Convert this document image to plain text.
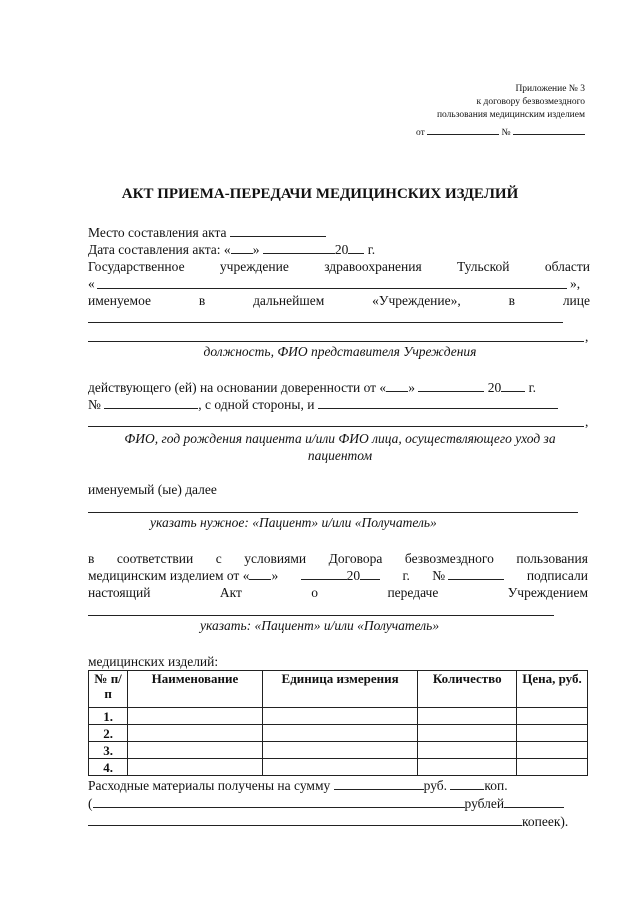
Приложение № 3
к договору безвозмездного
пользования медицинским изделием
от	№
АКТ ПРИЕМА-ПЕРЕДАЧИ МЕДИЦИНСКИХ ИЗДЕЛИЙ
Место составления акта
Дата составления акта: « »	20 г.
Государственное	учреждение	здравоохранения	Тульской	области
«	»,
именуемое	в	дальнейшем	«Учреждение»,	в	лице
,
должность, ФИО представителя Учреждения
действующего (ей) на основании доверенности от « »	20 г.
№	, с одной стороны, и
,
ФИО, год рождения пациента и/или ФИО лица, осуществляющего уход за
пациентом
именуемый (ые) далее
указать нужное: «Пациент» и/или «Получатель»
в соответствии с условиями Договора безвозмездного пользования
медицинским изделием от « »	20	г. №	подписали
настоящий	Акт	о	передаче	Учреждением
указать: «Пациент» и/или «Получатель»
медицинских изделий:
№ п/п	Наименование	Единица измерения	Количество	Цена, руб.
1.				
2.				
3.				
4.				
Расходные материалы получены на сумму	руб.	коп.
(	рублей
копеек).
